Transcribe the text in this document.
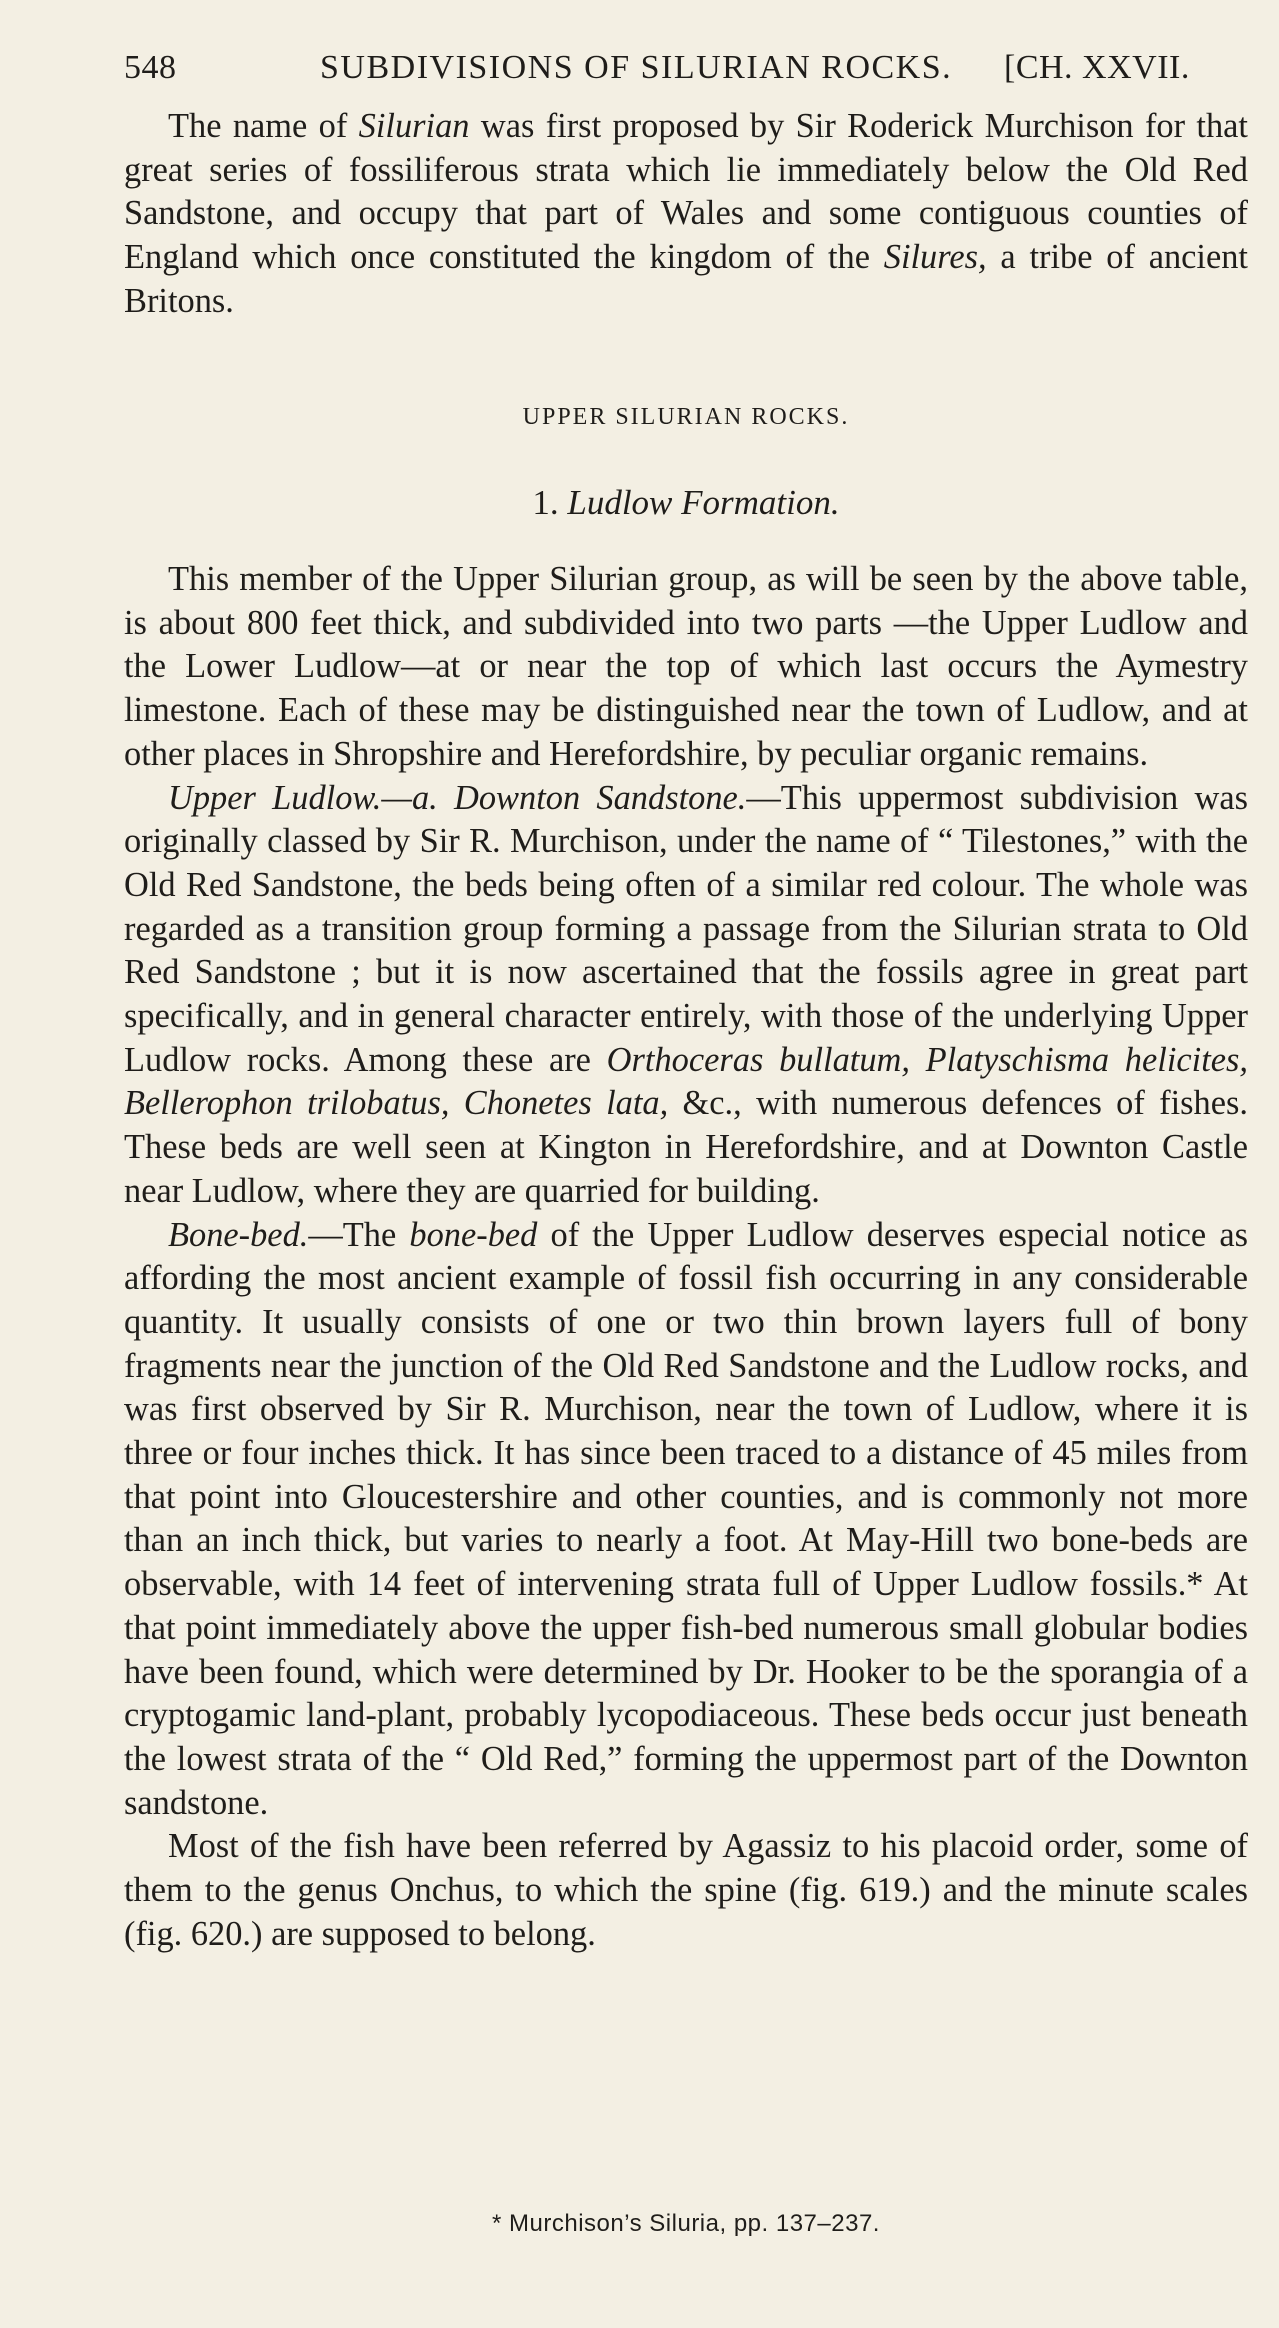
548	SUBDIVISIONS OF SILURIAN ROCKS. [CH. XXVII.

The name of Silurian was first proposed by Sir Roderick Murchison for that great series of fossiliferous strata which lie immediately below the Old Red Sandstone, and occupy that part of Wales and some contiguous counties of England which once constituted the kingdom of the Silures, a tribe of ancient Britons.

UPPER SILURIAN ROCKS.
1. Ludlow Formation.

This member of the Upper Silurian group, as will be seen by the above table, is about 800 feet thick, and subdivided into two parts —the Upper Ludlow and the Lower Ludlow—at or near the top of which last occurs the Aymestry limestone. Each of these may be distinguished near the town of Ludlow, and at other places in Shropshire and Herefordshire, by peculiar organic remains.

Upper Ludlow.—a. Downton Sandstone.—This uppermost subdivision was originally classed by Sir R. Murchison, under the name of “ Tilestones,” with the Old Red Sandstone, the beds being often of a similar red colour. The whole was regarded as a transition group forming a passage from the Silurian strata to Old Red Sandstone ; but it is now ascertained that the fossils agree in great part specifically, and in general character entirely, with those of the underlying Upper Ludlow rocks. Among these are Orthoceras bullatum, Platyschisma helicites, Bellerophon trilobatus, Chonetes lata, &c., with numerous defences of fishes. These beds are well seen at Kington in Herefordshire, and at Downton Castle near Ludlow, where they are quarried for building.

Bone-bed.—The bone-bed of the Upper Ludlow deserves especial notice as affording the most ancient example of fossil fish occurring in any considerable quantity. It usually consists of one or two thin brown layers full of bony fragments near the junction of the Old Red Sandstone and the Ludlow rocks, and was first observed by Sir R. Murchison, near the town of Ludlow, where it is three or four inches thick. It has since been traced to a distance of 45 miles from that point into Gloucestershire and other counties, and is commonly not more than an inch thick, but varies to nearly a foot. At May-Hill two bone-beds are observable, with 14 feet of intervening strata full of Upper Ludlow fossils.* At that point immediately above the upper fish-bed numerous small globular bodies have been found, which were determined by Dr. Hooker to be the sporangia of a cryptogamic land-plant, probably lycopodiaceous. These beds occur just beneath the lowest strata of the “ Old Red,” forming the uppermost part of the Downton sandstone.

Most of the fish have been referred by Agassiz to his placoid order, some of them to the genus Onchus, to which the spine (fig. 619.) and the minute scales (fig. 620.) are supposed to belong.

* Murchison’s Siluria, pp. 137–237.
